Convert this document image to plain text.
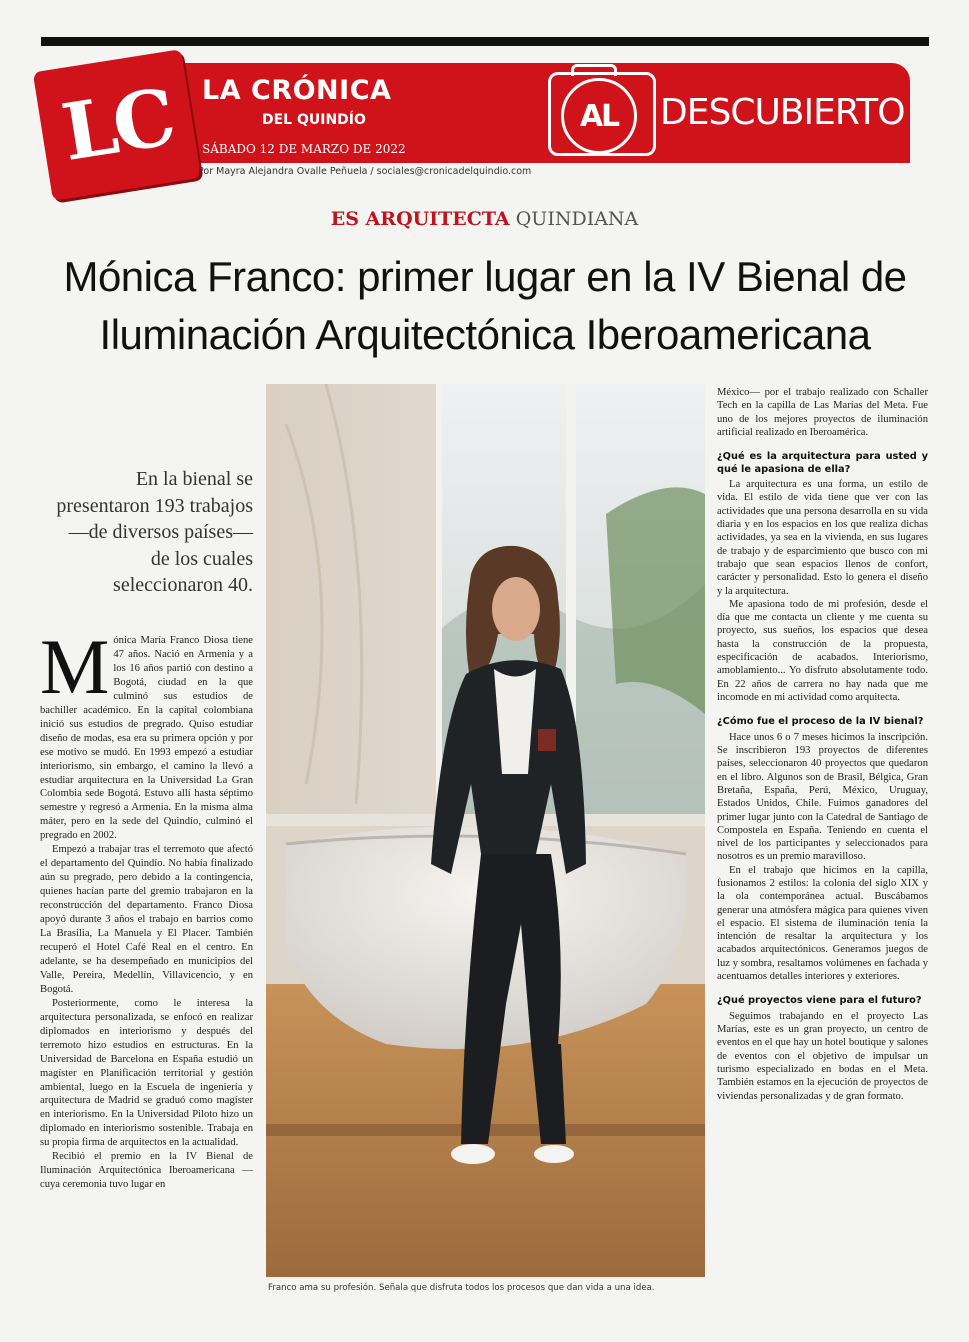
LC LA CRÓNICA
DEL QUINDÍO
SÁBADO 12 DE MARZO DE 2022
Por Mayra Alejandra Ovalle Peñuela / sociales@cronicadelquindio.com
AL	DESCUBIERTO
ES ARQUITECTA QUINDIANA
Mónica Franco: primer lugar en la IV Bienal de
Iluminación Arquitectónica Iberoamericana
En la bienal se presentaron 193 trabajos —de diversos países— de los cuales seleccionaron 40.
M ónica María Franco Diosa tiene 47 años. Nació en Armenia y a los 16 años partió con destino a Bogotá, ciudad en la que culminó sus estudios de bachiller académico. En la capital colombiana inició sus estudios de pregrado. Quiso estudiar diseño de modas, esa era su primera opción y por ese motivo se mudó. En 1993 empezó a estudiar interiorismo, sin embargo, el camino la llevó a estudiar arquitectura en la Universidad La Gran Colombia sede Bogotá. Estuvo allí hasta séptimo semestre y regresó a Armenia. En la misma alma máter, pero en la sede del Quindío, culminó el pregrado en 2002.

Empezó a trabajar tras el terremoto que afectó el departamento del Quindío. No había finalizado aún su pregrado, pero debido a la contingencia, quienes hacían parte del gremio trabajaron en la reconstrucción del departamento. Franco Diosa apoyó durante 3 años el trabajo en barrios como La Brasilia, La Manuela y El Placer. También recuperó el Hotel Café Real en el centro. En adelante, se ha desempeñado en municipios del Valle, Pereira, Medellín, Villavicencio, y en Bogotá.

Posteriormente, como le interesa la arquitectura personalizada, se enfocó en realizar diplomados en interiorismo y después del terremoto hizo estudios en estructuras. En la Universidad de Barcelona en España estudió un magíster en Planificación territorial y gestión ambiental, luego en la Escuela de ingeniería y arquitectura de Madrid se graduó como magíster en interiorismo. En la Universidad Piloto hizo un diplomado en interiorismo sostenible. Trabaja en su propia firma de arquitectos en la actualidad.

Recibió el premio en la IV Bienal de Iluminación Arquitectónica Iberoamericana —cuya ceremonia tuvo lugar en

Franco ama su profesión. Señala que disfruta todos los procesos que dan vida a una idea.

México— por el trabajo realizado con Schaller Tech en la capilla de Las Marías del Meta. Fue uno de los mejores proyectos de iluminación artificial realizado en Iberoamérica.

¿Qué es la arquitectura para usted y qué le apasiona de ella?

La arquitectura es una forma, un estilo de vida. El estilo de vida tiene que ver con las actividades que una persona desarrolla en su vida diaria y en los espacios en los que realiza dichas actividades, ya sea en la vivienda, en sus lugares de trabajo y de esparcimiento que busco con mi trabajo que sean espacios llenos de confort, carácter y personalidad. Esto lo genera el diseño y la arquitectura.

Me apasiona todo de mi profesión, desde el día que me contacta un cliente y me cuenta su proyecto, sus sueños, los espacios que desea hasta la construcción de la propuesta, especificación de acabados. Interiorismo, amoblamiento... Yo disfruto absolutamente todo. En 22 años de carrera no hay nada que me incomode en mi actividad como arquitecta.

¿Cómo fue el proceso de la IV bienal?

Hace unos 6 o 7 meses hicimos la inscripción. Se inscribieron 193 proyectos de diferentes países, seleccionaron 40 proyectos que quedaron en el libro. Algunos son de Brasil, Bélgica, Gran Bretaña, España, Perú, México, Uruguay, Estados Unidos, Chile. Fuimos ganadores del primer lugar junto con la Catedral de Santiago de Compostela en España. Teniendo en cuenta el nivel de los participantes y seleccionados para nosotros es un premio maravilloso.

En el trabajo que hicimos en la capilla, fusionamos 2 estilos: la colonia del siglo XIX y la ola contemporánea actual. Buscábamos generar una atmósfera mágica para quienes viven el espacio. El sistema de iluminación tenía la intención de resaltar la arquitectura y los acabados arquitectónicos. Generamos juegos de luz y sombra, resaltamos volúmenes en fachada y acentuamos detalles interiores y exteriores.

¿Qué proyectos viene para el futuro?

Seguimos trabajando en el proyecto Las Marías, este es un gran proyecto, un centro de eventos en el que hay un hotel boutique y salones de eventos con el objetivo de impulsar un turismo especializado en bodas en el Meta. También estamos en la ejecución de proyectos de viviendas personalizadas y de gran formato.
